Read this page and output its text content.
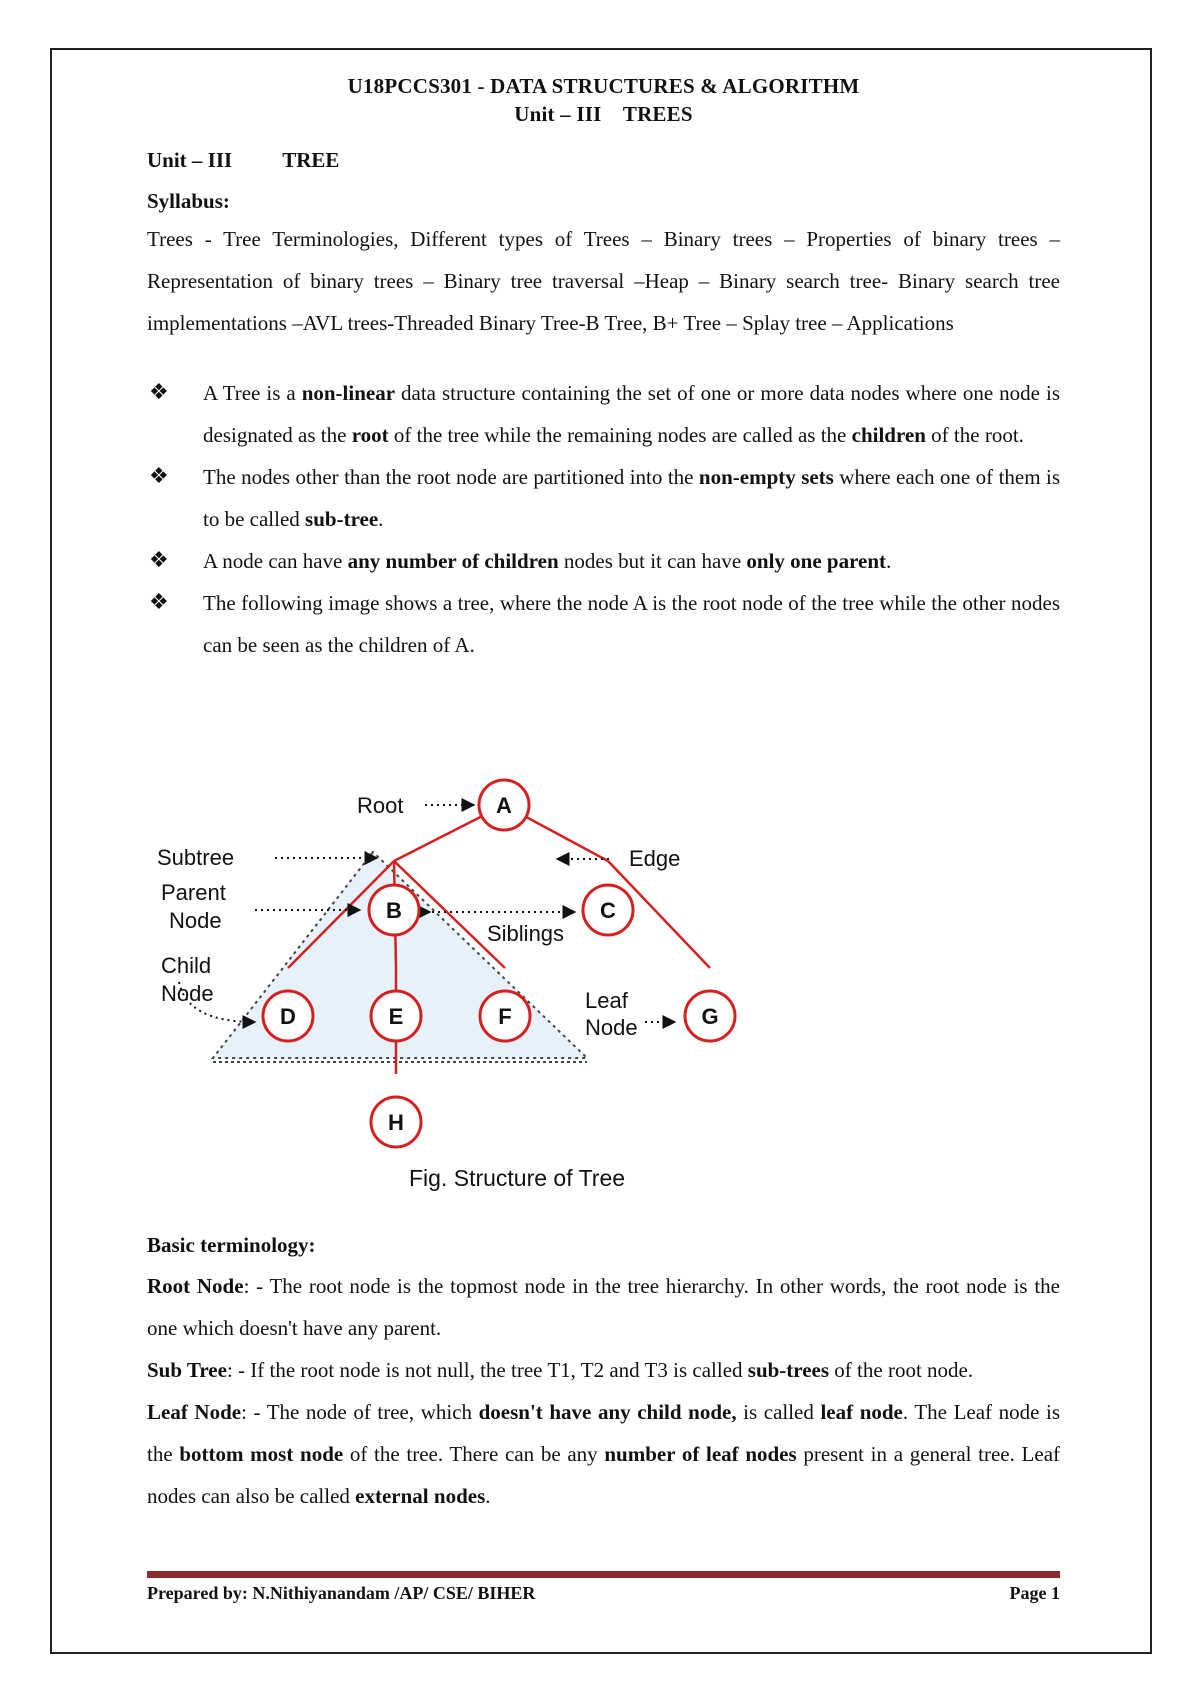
U18PCCS301 - DATA STRUCTURES & ALGORITHM
Unit – III    TREES
Unit – III TREE
Syllabus:

Trees - Tree Terminologies, Different types of Trees – Binary trees – Properties of binary trees – Representation of binary trees – Binary tree traversal –Heap – Binary search tree- Binary search tree implementations –AVL trees-Threaded Binary Tree-B Tree, B+ Tree – Splay tree – Applications

❖ A Tree is a non-linear data structure containing the set of one or more data nodes where one node is designated as the root of the tree while the remaining nodes are called as the children of the root.
❖ The nodes other than the root node are partitioned into the non-empty sets where each one of them is to be called sub-tree.
❖ A node can have any number of children nodes but it can have only one parent.
❖ The following image shows a tree, where the node A is the root node of the tree while the other nodes can be seen as the children of A.
A
B	C
D	E	F	G
H
Root
Subtree
Parent
Node
Child
Node
Edge
Siblings
Leaf
Node
Fig. Structure of Tree
Basic terminology:

Root Node: - The root node is the topmost node in the tree hierarchy. In other words, the root node is the one which doesn't have any parent.

Sub Tree: - If the root node is not null, the tree T1, T2 and T3 is called sub-trees of the root node.

Leaf Node: - The node of tree, which doesn't have any child node, is called leaf node. The Leaf node is the bottom most node of the tree. There can be any number of leaf nodes present in a general tree. Leaf nodes can also be called external nodes.

Prepared by: N.Nithiyanandam /AP/ CSE/ BIHER	Page 1
